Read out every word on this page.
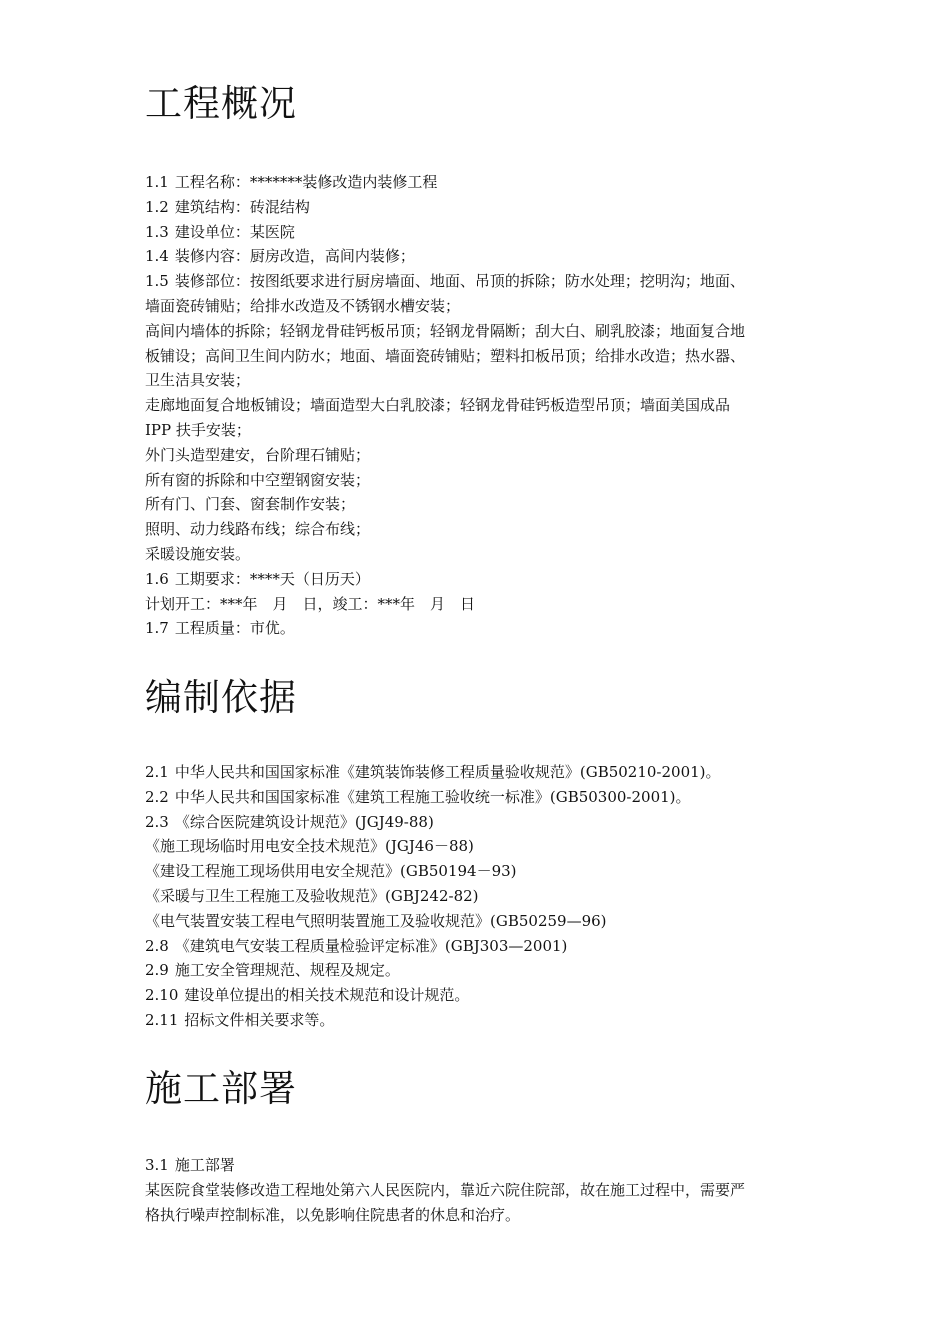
工程概况
1.1 工程名称：*******装修改造内装修工程
1.2 建筑结构：砖混结构
1.3 建设单位：某医院
1.4 装修内容：厨房改造，高间内装修；
1.5 装修部位：按图纸要求进行厨房墙面、地面、吊顶的拆除；防水处理；挖明沟；地面、
墙面瓷砖铺贴；给排水改造及不锈钢水槽安装；
高间内墙体的拆除；轻钢龙骨硅钙板吊顶；轻钢龙骨隔断；刮大白、刷乳胶漆；地面复合地
板铺设；高间卫生间内防水；地面、墙面瓷砖铺贴；塑料扣板吊顶；给排水改造；热水器、
卫生洁具安装；
走廊地面复合地板铺设；墙面造型大白乳胶漆；轻钢龙骨硅钙板造型吊顶；墙面美国成品
IPP 扶手安装；
外门头造型建安，台阶理石铺贴；
所有窗的拆除和中空塑钢窗安装；
所有门、门套、窗套制作安装；
照明、动力线路布线；综合布线；
采暖设施安装。
1.6 工期要求：****天（日历天）
计划开工：***年　月　日，竣工：***年　月　日
1.7 工程质量：市优。
编制依据
2.1 中华人民共和国国家标准《建筑装饰装修工程质量验收规范》(GB50210-2001)。
2.2 中华人民共和国国家标准《建筑工程施工验收统一标准》(GB50300-2001)。
2.3 《综合医院建筑设计规范》(JGJ49-88)
《施工现场临时用电安全技术规范》(JGJ46－88)
《建设工程施工现场供用电安全规范》(GB50194－93)
《采暖与卫生工程施工及验收规范》(GBJ242-82)
《电气装置安装工程电气照明装置施工及验收规范》(GB50259—96)
2.8 《建筑电气安装工程质量检验评定标准》(GBJ303—2001)
2.9 施工安全管理规范、规程及规定。
2.10 建设单位提出的相关技术规范和设计规范。
2.11 招标文件相关要求等。
施工部署
3.1 施工部署
某医院食堂装修改造工程地处第六人民医院内，靠近六院住院部，故在施工过程中，需要严
格执行噪声控制标准，以免影响住院患者的休息和治疗。
